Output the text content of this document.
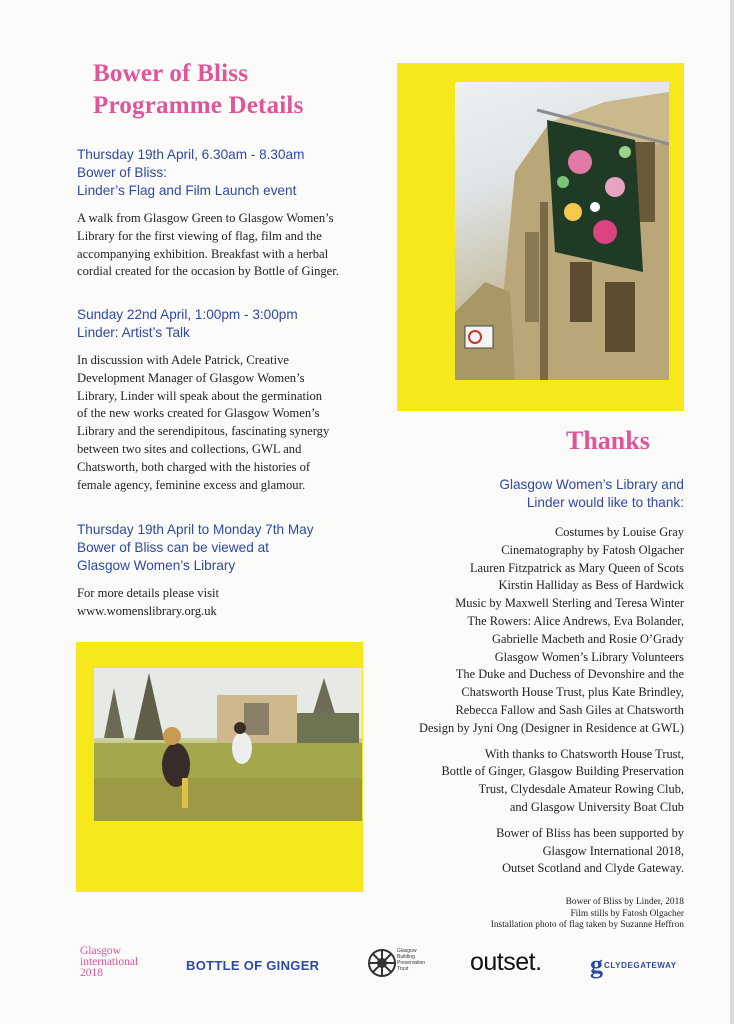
Bower of Bliss
Programme Details
Thursday 19th April, 6.30am - 8.30am
Bower of Bliss:
Linder’s Flag and Film Launch event
A walk from Glasgow Green to Glasgow Women’s
Library for the first viewing of flag, film and the
accompanying exhibition. Breakfast with a herbal
cordial created for the occasion by Bottle of Ginger.
Sunday 22nd April, 1:00pm - 3:00pm
Linder: Artist’s Talk
In discussion with Adele Patrick, Creative
Development Manager of Glasgow Women’s
Library, Linder will speak about the germination
of the new works created for Glasgow Women’s
Library and the serendipitous, fascinating synergy
between two sites and collections, GWL and
Chatsworth, both charged with the histories of
female agency, feminine excess and glamour.
Thursday 19th April to Monday 7th May
Bower of Bliss can be viewed at
Glasgow Women’s Library
For more details please visit
www.womenslibrary.org.uk
Thanks
Glasgow Women’s Library and
Linder would like to thank:
Costumes by Louise Gray
Cinematography by Fatosh Olgacher
Lauren Fitzpatrick as Mary Queen of Scots
Kirstin Halliday as Bess of Hardwick
Music by Maxwell Sterling and Teresa Winter
The Rowers: Alice Andrews, Eva Bolander,
Gabrielle Macbeth and Rosie O’Grady
Glasgow Women’s Library Volunteers
The Duke and Duchess of Devonshire and the
Chatsworth House Trust, plus Kate Brindley,
Rebecca Fallow and Sash Giles at Chatsworth
Design by Jyni Ong (Designer in Residence at GWL)
With thanks to Chatsworth House Trust,
Bottle of Ginger, Glasgow Building Preservation
Trust, Clydesdale Amateur Rowing Club,
and Glasgow University Boat Club
Bower of Bliss has been supported by
Glasgow International 2018,
Outset Scotland and Clyde Gateway.
Bower of Bliss by Linder, 2018
Film stills by Fatosh Olgacher
Installation photo of flag taken by Suzanne Heffron
Glasgow
international
2018	BOTTLE OF GINGER
Glasgow
Building
Preservation
Trust	outset. gCLYDEGATEWAY
